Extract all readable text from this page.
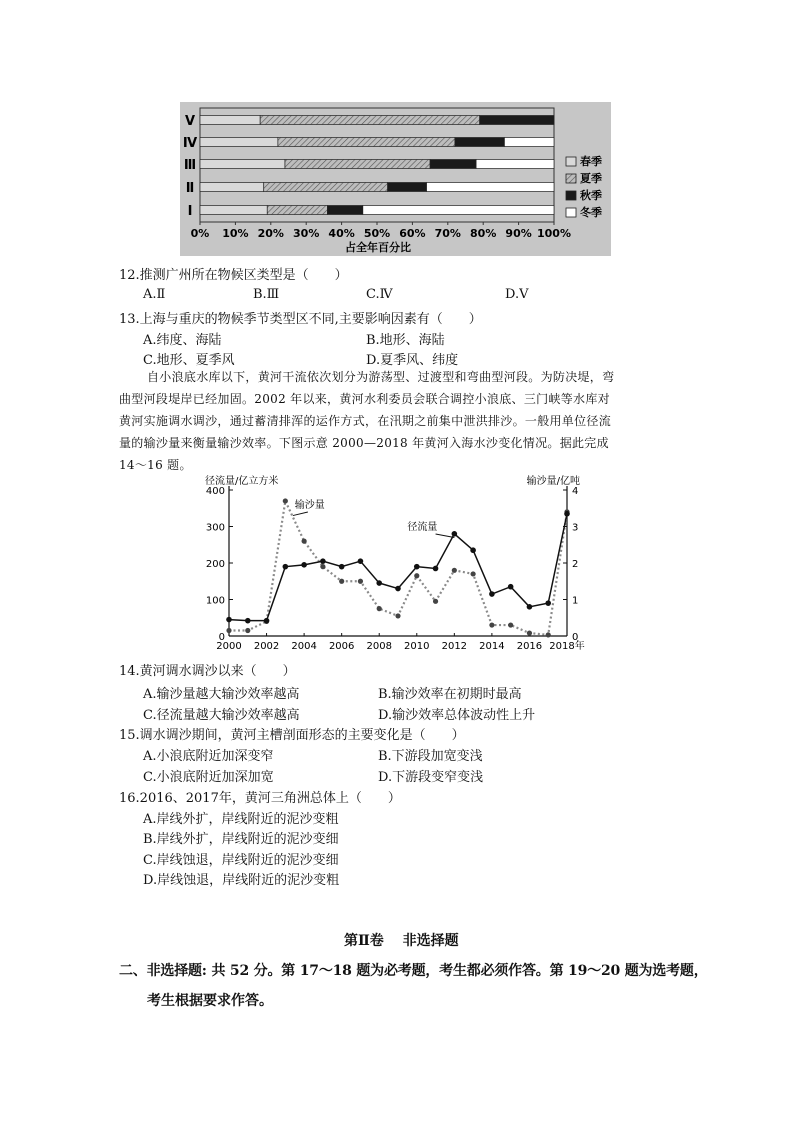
Ⅴ
Ⅳ
Ⅲ
Ⅱ
Ⅰ
0% 10% 20% 30% 40% 50% 60% 70% 80% 90% 100%
占全年百分比
春季
夏季
秋季
冬季
12.推测广州所在物候区类型是（　　）
A.Ⅱ	B.Ⅲ	C.Ⅳ	D.Ⅴ
13.上海与重庆的物候季节类型区不同,主要影响因素有（　　）
A.纬度、海陆	B.地形、海陆
C.地形、夏季风	D.夏季风、纬度
自小浪底水库以下，黄河干流依次划分为游荡型、过渡型和弯曲型河段。为防决堤，弯
曲型河段堤岸已经加固。2002 年以来，黄河水利委员会联合调控小浪底、三门峡等水库对
黄河实施调水调沙，通过蓄清排浑的运作方式，在汛期之前集中泄洪排沙。一般用单位径流
量的输沙量来衡量输沙效率。下图示意 2000—2018 年黄河入海水沙变化情况。据此完成
14～16 题。
径流量/亿立方米	输沙量/亿吨
0
100
200
300
400
0
1
2
3
4
2000 2002 2004 2006 2008 2010 2012 2014 2016 2018年
输沙量
径流量
14.黄河调水调沙以来（　　）
A.输沙量越大输沙效率越高	B.输沙效率在初期时最高
C.径流量越大输沙效率越高	D.输沙效率总体波动性上升
15.调水调沙期间，黄河主槽剖面形态的主要变化是（　　）
A.小浪底附近加深变窄	B.下游段加宽变浅
C.小浪底附近加深加宽	D.下游段变窄变浅
16.2016、2017年，黄河三角洲总体上（　　）
A.岸线外扩，岸线附近的泥沙变粗
B.岸线外扩，岸线附近的泥沙变细
C.岸线蚀退，岸线附近的泥沙变细
D.岸线蚀退，岸线附近的泥沙变粗
第Ⅱ卷　 非选择题
二、非选择题: 共 52 分。第 17～18 题为必考题，考生都必须作答。第 19～20 题为选考题，
考生根据要求作答。
